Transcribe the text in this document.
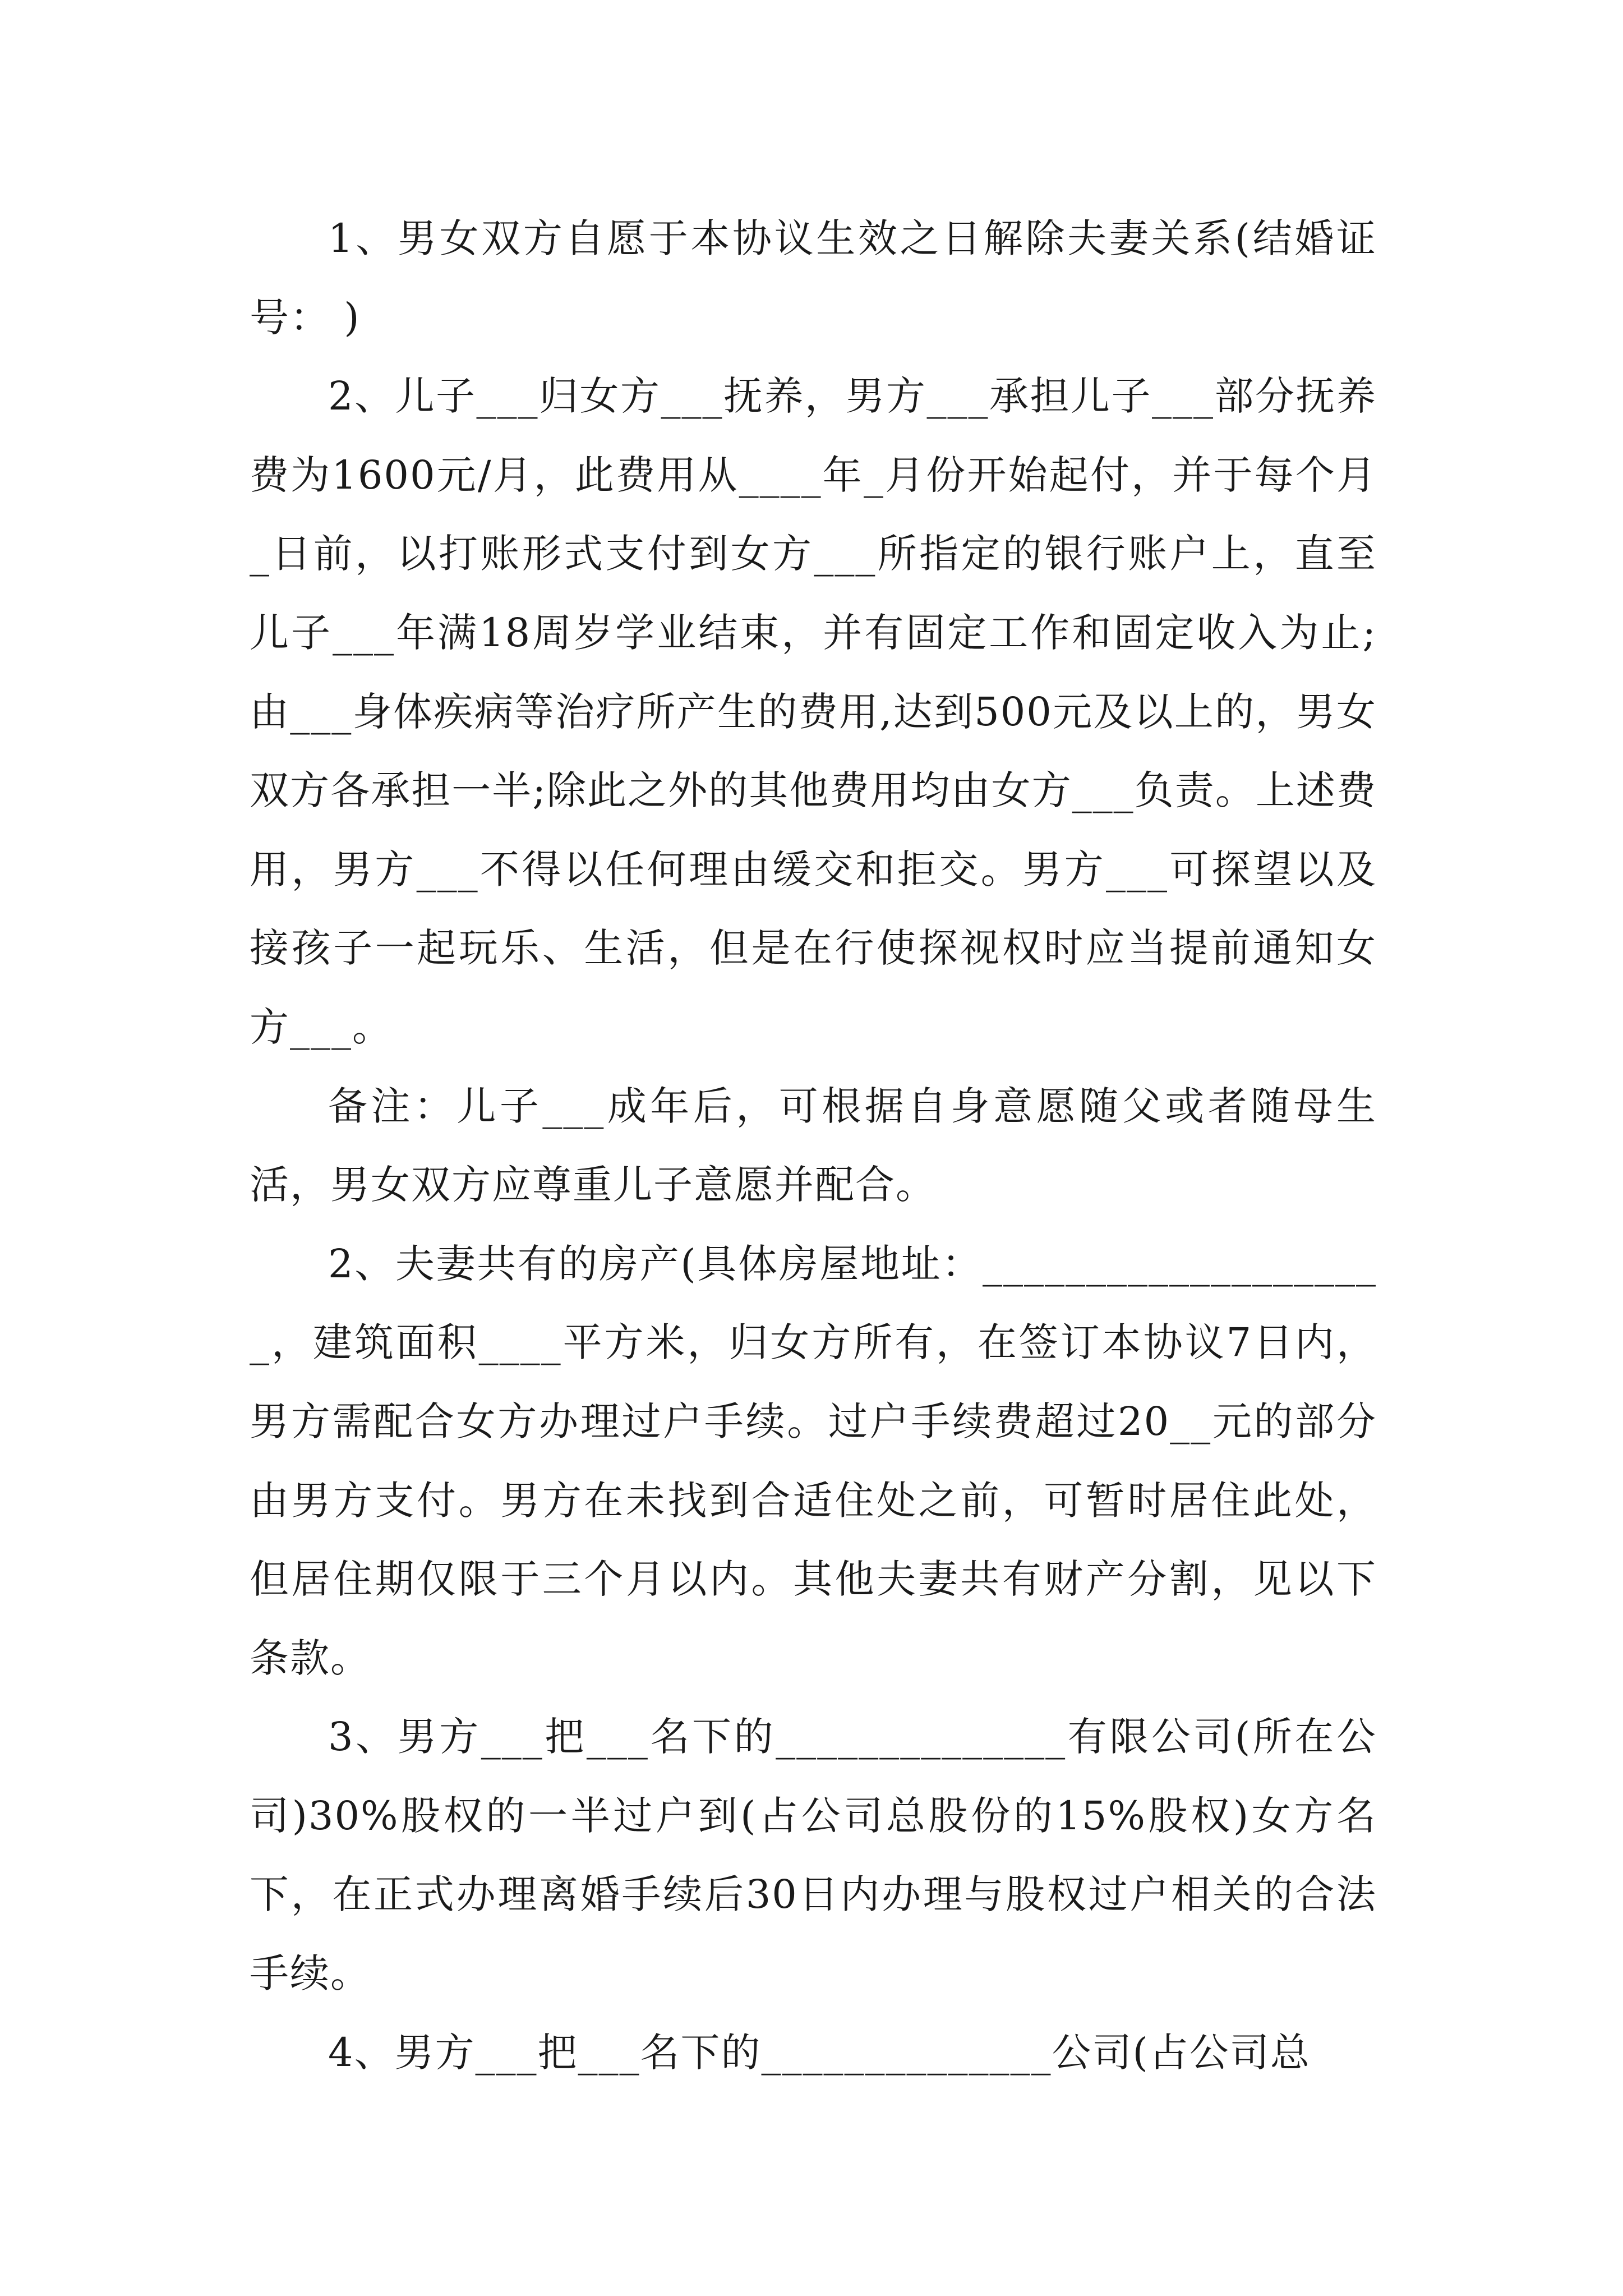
1、男女双方自愿于本协议生效之日解除夫妻关系(结婚证号： )

2、儿子___归女方___抚养，男方___承担儿子___部分抚养费为1600元/月，此费用从____年_月份开始起付，并于每个月_日前，以打账形式支付到女方___所指定的银行账户上，直至儿子___年满18周岁学业结束，并有固定工作和固定收入为止;由___身体疾病等治疗所产生的费用,达到500元及以上的，男女双方各承担一半;除此之外的其他费用均由女方___负责。上述费用，男方___不得以任何理由缓交和拒交。男方___可探望以及接孩子一起玩乐、生活，但是在行使探视权时应当提前通知女方___。

备注：儿子___成年后，可根据自身意愿随父或者随母生活，男女双方应尊重儿子意愿并配合。

2、夫妻共有的房产(具体房屋地址：____________________，建筑面积____平方米，归女方所有，在签订本协议7日内，男方需配合女方办理过户手续。过户手续费超过20__元的部分由男方支付。男方在未找到合适住处之前，可暂时居住此处，但居住期仅限于三个月以内。其他夫妻共有财产分割，见以下条款。

3、男方___把___名下的______________有限公司(所在公司)30%股权的一半过户到(占公司总股份的15%股权)女方名下，在正式办理离婚手续后30日内办理与股权过户相关的合法手续。

4、男方___把___名下的______________公司(占公司总
